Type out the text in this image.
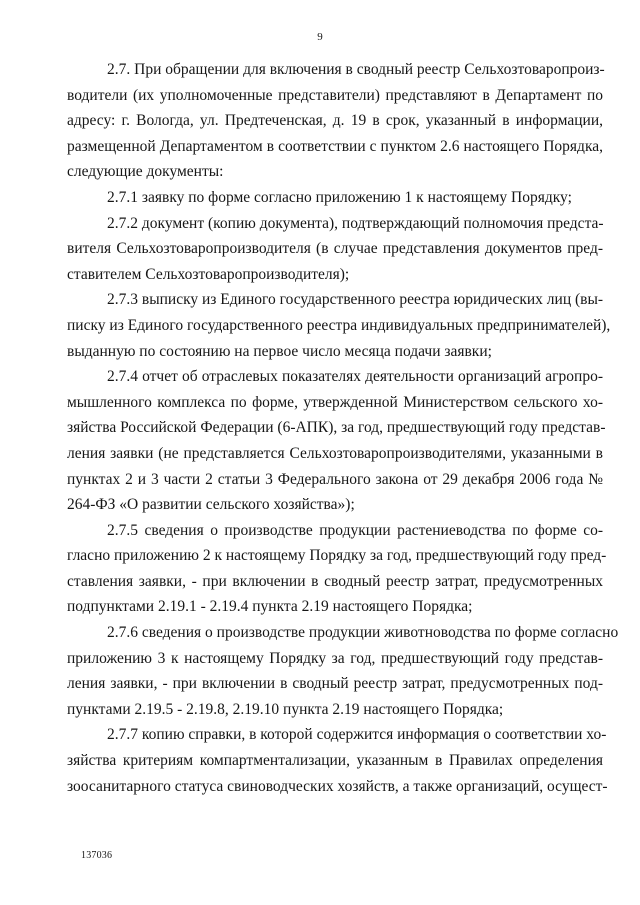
9
2.7. При обращении для включения в сводный реестр Сельхозтоваропроиз-
водители (их уполномоченные представители) представляют в Департамент по
адресу: г. Вологда, ул. Предтеченская, д. 19 в срок, указанный в информации,
размещенной Департаментом в соответствии с пунктом 2.6 настоящего Порядка,
следующие документы:
2.7.1 заявку по форме согласно приложению 1 к настоящему Порядку;
2.7.2 документ (копию документа), подтверждающий полномочия предста-
вителя Сельхозтоваропроизводителя (в случае представления документов пред-
ставителем Сельхозтоваропроизводителя);
2.7.3 выписку из Единого государственного реестра юридических лиц (вы-
писку из Единого государственного реестра индивидуальных предпринимателей),
выданную по состоянию на первое число месяца подачи заявки;
2.7.4 отчет об отраслевых показателях деятельности организаций агропро-
мышленного комплекса по форме, утвержденной Министерством сельского хо-
зяйства Российской Федерации (6-АПК), за год, предшествующий году представ-
ления заявки (не представляется Сельхозтоваропроизводителями, указанными в
пунктах 2 и 3 части 2 статьи 3 Федерального закона от 29 декабря 2006 года №
264-ФЗ «О развитии сельского хозяйства»);
2.7.5 сведения о производстве продукции растениеводства по форме со-
гласно приложению 2 к настоящему Порядку за год, предшествующий году пред-
ставления заявки, - при включении в сводный реестр затрат, предусмотренных
подпунктами 2.19.1 - 2.19.4 пункта 2.19 настоящего Порядка;
2.7.6 сведения о производстве продукции животноводства по форме согласно
приложению 3 к настоящему Порядку за год, предшествующий году представ-
ления заявки, - при включении в сводный реестр затрат, предусмотренных под-
пунктами 2.19.5 - 2.19.8, 2.19.10 пункта 2.19 настоящего Порядка;
2.7.7 копию справки, в которой содержится информация о соответствии хо-
зяйства критериям компартментализации, указанным в Правилах определения
зоосанитарного статуса свиноводческих хозяйств, а также организаций, осущест-
137036
